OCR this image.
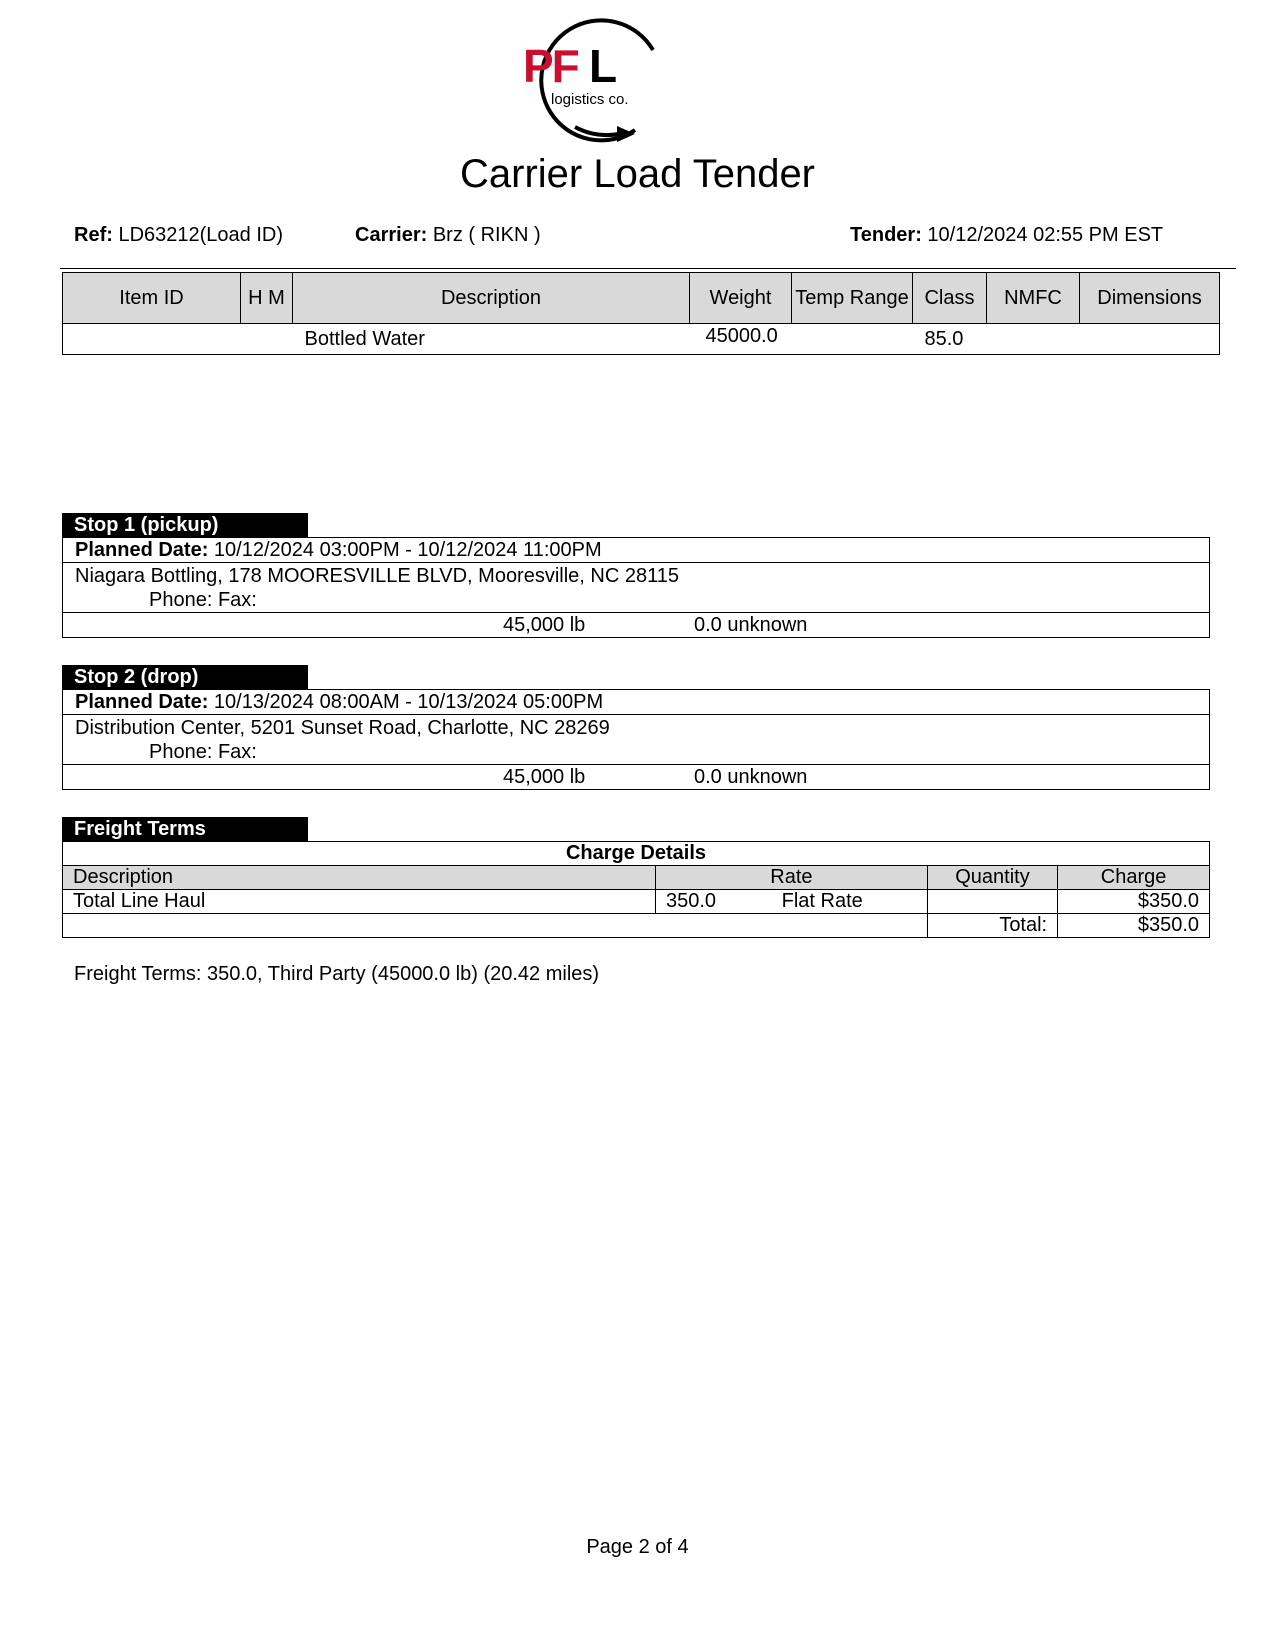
PF L
logistics co.
Carrier Load Tender
Ref: LD63212(Load ID)	Carrier: Brz ( RIKN )	Tender: 10/12/2024 02:55 PM EST
Item ID	H M	Description	Weight	Temp Range	Class	NMFC	Dimensions
		Bottled Water	45000.0		85.0		
Stop 1 (pickup)
Planned Date: 10/12/2024 03:00PM - 10/12/2024 11:00PM
Niagara Bottling, 178 MOORESVILLE BLVD, Mooresville, NC 28115
Phone: Fax:
45,000 lb	0.0 unknown
Stop 2 (drop)
Planned Date: 10/13/2024 08:00AM - 10/13/2024 05:00PM
Distribution Center, 5201 Sunset Road, Charlotte, NC 28269
Phone: Fax:
45,000 lb	0.0 unknown
Freight Terms
Charge Details			
Description	Rate	Quantity	Charge
Total Line Haul	350.0 Flat Rate		$350.0
		Total:	$350.0
Freight Terms: 350.0, Third Party (45000.0 lb) (20.42 miles)
Page 2 of 4
